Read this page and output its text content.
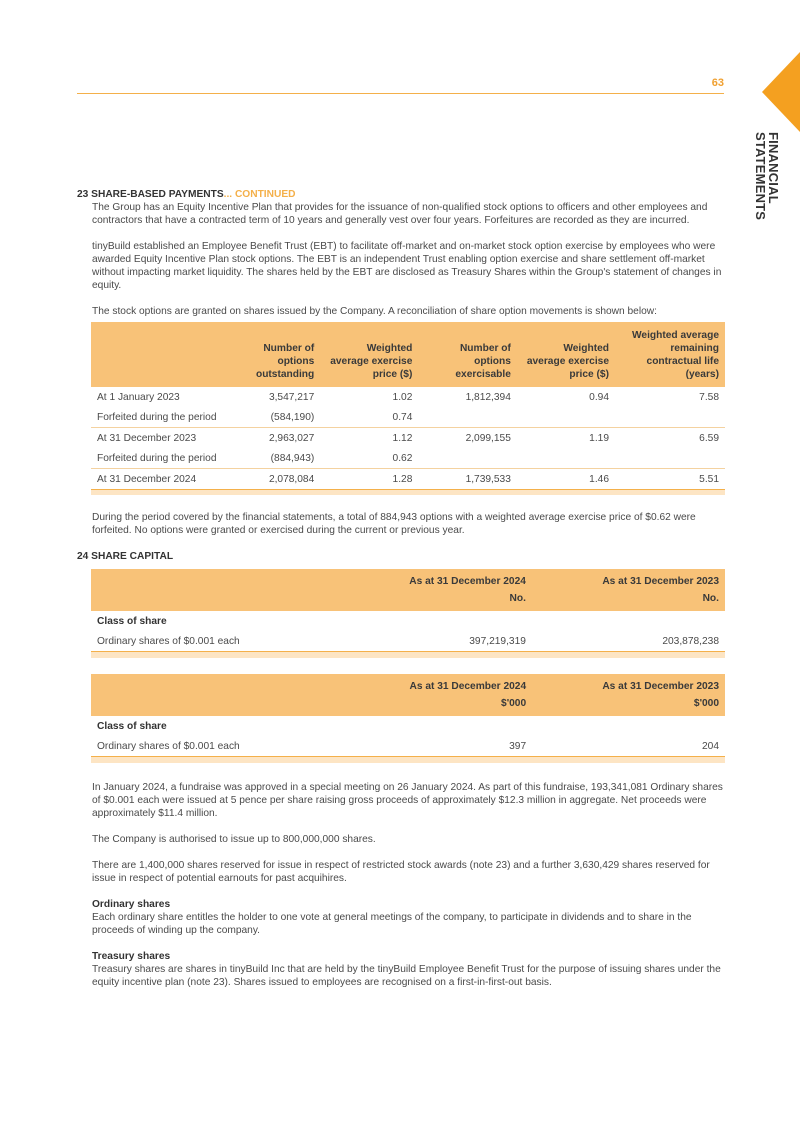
63
FINANCIAL STATEMENTS
23 SHARE-BASED PAYMENTS... CONTINUED

The Group has an Equity Incentive Plan that provides for the issuance of non-qualified stock options to officers and other employees and contractors that have a contracted term of 10 years and generally vest over four years. Forfeitures are recorded as they are incurred.

tinyBuild established an Employee Benefit Trust (EBT) to facilitate off-market and on-market stock option exercise by employees who were awarded Equity Incentive Plan stock options. The EBT is an independent Trust enabling option exercise and share settlement off-market without impacting market liquidity. The shares held by the EBT are disclosed as Treasury Shares within the Group's statement of changes in equity.

The stock options are granted on shares issued by the Company. A reconciliation of share option movements is shown below:

	Number of options outstanding	Weighted average exercise price ($)	Number of options exercisable	Weighted average exercise price ($)	Weighted average remaining contractual life (years)
At 1 January 2023	3,547,217	1.02	1,812,394	0.94	7.58
Forfeited during the period	(584,190)	0.74			
At 31 December 2023	2,963,027	1.12	2,099,155	1.19	6.59
Forfeited during the period	(884,943)	0.62			
At 31 December 2024	2,078,084	1.28	1,739,533	1.46	5.51

During the period covered by the financial statements, a total of 884,943 options with a weighted average exercise price of $0.62 were forfeited. No options were granted or exercised during the current or previous year.

24 SHARE CAPITAL
	As at 31 December 2024	As at 31 December 2023
	No.	No.
Class of share		
Ordinary shares of $0.001 each	397,219,319	203,878,238

	As at 31 December 2024	As at 31 December 2023
	$'000	$'000
Class of share		
Ordinary shares of $0.001 each	397	204

In January 2024, a fundraise was approved in a special meeting on 26 January 2024. As part of this fundraise, 193,341,081 Ordinary shares of $0.001 each were issued at 5 pence per share raising gross proceeds of approximately $12.3 million in aggregate. Net proceeds were approximately $11.4 million.

The Company is authorised to issue up to 800,000,000 shares.

There are 1,400,000 shares reserved for issue in respect of restricted stock awards (note 23) and a further 3,630,429 shares reserved for issue in respect of potential earnouts for past acquihires.

Ordinary shares

Each ordinary share entitles the holder to one vote at general meetings of the company, to participate in dividends and to share in the proceeds of winding up the company.

Treasury shares

Treasury shares are shares in tinyBuild Inc that are held by the tinyBuild Employee Benefit Trust for the purpose of issuing shares under the equity incentive plan (note 23). Shares issued to employees are recognised on a first-in-first-out basis.
